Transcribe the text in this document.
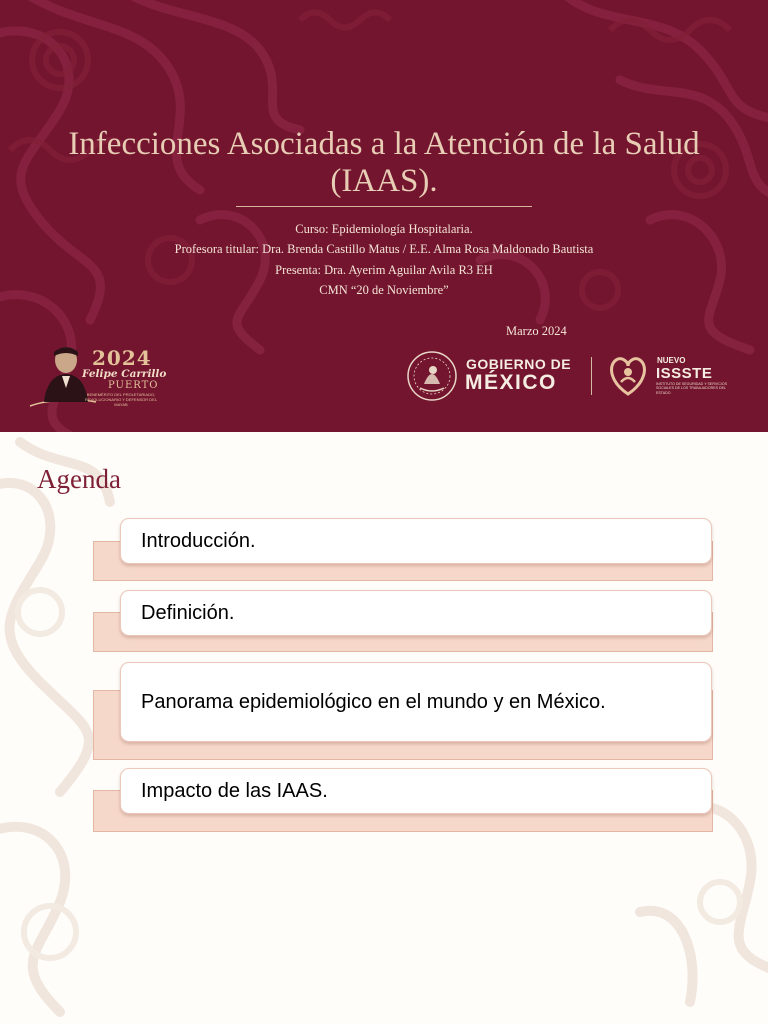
Infecciones Asociadas a la Atención de la Salud (IAAS).
Curso: Epidemiología Hospitalaria.
Profesora titular: Dra. Brenda Castillo Matus / E.E. Alma Rosa Maldonado Bautista
Presenta: Dra. Ayerim Aguilar Avila R3 EH
CMN “20 de Noviembre”
Marzo 2024
2024
Felipe Carrillo
PUERTO
BENEMÉRITO DEL PROLETARIADO, REVOLUCIONARIO Y DEFENSOR DEL MAYAB
GOBIERNO DE
MÉXICO
NUEVO
ISSSTE
INSTITUTO DE SEGURIDAD Y SERVICIOS SOCIALES DE LOS TRABAJADORES DEL ESTADO
Agenda
Introducción.
Definición.
Panorama epidemiológico en el mundo y en México.
Impacto de las IAAS.
